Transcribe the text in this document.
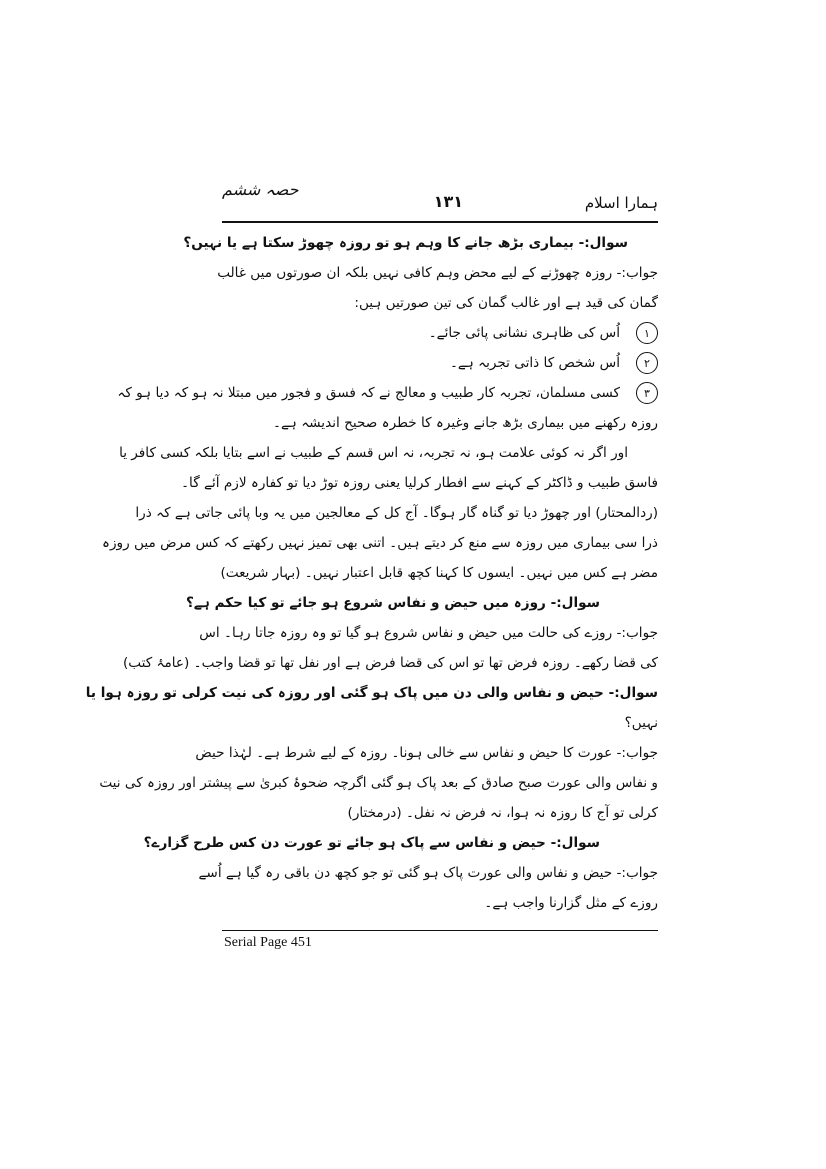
ہمارا اسلام
۱۳۱
حصہ ششم
سوال:- بیماری بڑھ جانے کا وہم ہو تو روزہ چھوڑ سکتا ہے یا نہیں؟
جواب:- روزہ چھوڑنے کے لیے محض وہم کافی نہیں بلکہ ان صورتوں میں غالب
گمان کی قید ہے اور غالب گمان کی تین صورتیں ہیں:
۱اُس کی ظاہری نشانی پائی جائے۔
۲اُس شخص کا ذاتی تجربہ ہے۔
۳کسی مسلمان، تجربہ کار طبیب و معالج نے کہ فسق و فجور میں مبتلا نہ ہو کہ دیا ہو کہ
روزہ رکھنے میں بیماری بڑھ جانے وغیرہ کا خطرہ صحیح اندیشہ ہے۔
اور اگر نہ کوئی علامت ہو، نہ تجربہ، نہ اس قسم کے طبیب نے اسے بتایا بلکہ کسی کافر یا
فاسق طبیب و ڈاکٹر کے کہنے سے افطار کرلیا یعنی روزہ توڑ دیا تو کفارہ لازم آئے گا۔
(ردالمحتار) اور چھوڑ دیا تو گناہ گار ہوگا۔ آج کل کے معالجین میں یہ وبا پائی جاتی ہے کہ ذرا
ذرا سی بیماری میں روزہ سے منع کر دیتے ہیں۔ اتنی بھی تمیز نہیں رکھتے کہ کس مرض میں روزہ
مضر ہے کس میں نہیں۔ ایسوں کا کہنا کچھ قابل اعتبار نہیں۔ (بہار شریعت)
سوال:- روزہ میں حیض و نفاس شروع ہو جائے تو کیا حکم ہے؟
جواب:- روزے کی حالت میں حیض و نفاس شروع ہو گیا تو وہ روزہ جاتا رہا۔ اس
کی قضا رکھے۔ روزہ فرض تھا تو اس کی قضا فرض ہے اور نفل تھا تو قضا واجب۔ (عامۂ کتب)
سوال:- حیض و نفاس والی دن میں پاک ہو گئی اور روزہ کی نیت کرلی تو روزہ ہوا یا
نہیں؟
جواب:- عورت کا حیض و نفاس سے خالی ہونا۔ روزہ کے لیے شرط ہے۔ لہٰذا حیض
و نفاس والی عورت صبح صادق کے بعد پاک ہو گئی اگرچہ ضحوۂ کبریٰ سے پیشتر اور روزہ کی نیت
کرلی تو آج کا روزہ نہ ہوا، نہ فرض نہ نفل۔ (درمختار)
سوال:- حیض و نفاس سے پاک ہو جائے تو عورت دن کس طرح گزارے؟
جواب:- حیض و نفاس والی عورت پاک ہو گئی تو جو کچھ دن باقی رہ گیا ہے اُسے
روزے کے مثل گزارنا واجب ہے۔
Serial Page 451
